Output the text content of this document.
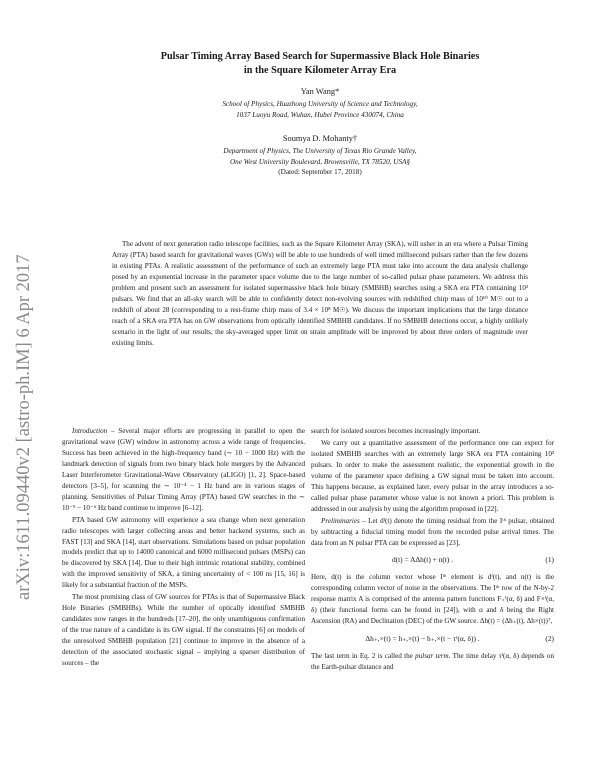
arXiv:1611.09440v2 [astro-ph.IM] 6 Apr 2017
Pulsar Timing Array Based Search for Supermassive Black Hole Binaries
in the Square Kilometer Array Era
Yan Wang*
School of Physics, Huazhong University of Science and Technology,
1037 Luoyu Road, Wuhan, Hubei Province 430074, China
Soumya D. Mohanty†
Department of Physics, The University of Texas Rio Grande Valley,
One West University Boulevard, Brownsville, TX 78520, USA§
(Dated: September 17, 2018)

The advent of next generation radio telescope facilities, such as the Square Kilometer Array (SKA), will usher in an era where a Pulsar Timing Array (PTA) based search for gravitational waves (GWs) will be able to use hundreds of well timed millisecond pulsars rather than the few dozens in existing PTAs. A realistic assessment of the performance of such an extremely large PTA must take into account the data analysis challenge posed by an exponential increase in the parameter space volume due to the large number of so-called pulsar phase parameters. We address this problem and present such an assessment for isolated supermassive black hole binary (SMBHB) searches using a SKA era PTA containing 10³ pulsars. We find that an all-sky search will be able to confidently detect non-evolving sources with redshifted chirp mass of 10¹⁰ M☉ out to a redshift of about 28 (corresponding to a rest-frame chirp mass of 3.4 × 10⁸ M☉). We discuss the important implications that the large distance reach of a SKA era PTA has on GW observations from optically identified SMBHB candidates. If no SMBHB detections occur, a highly unlikely scenario in the light of our results, the sky-averaged upper limit on strain amplitude will be improved by about three orders of magnitude over existing limits.

Introduction – Several major efforts are progressing in parallel to open the gravitational wave (GW) window in astronomy across a wide range of frequencies. Success has been achieved in the high-frequency band (∼ 10 − 1000 Hz) with the landmark detection of signals from two binary black hole mergers by the Advanced Laser Interferometer Gravitational-Wave Observatory (aLIGO) [1, 2]. Space-based detectors [3–5], for scanning the ∼ 10⁻⁴ − 1 Hz band are in various stages of planning. Sensitivities of Pulsar Timing Array (PTA) based GW searches in the ∼ 10⁻⁹ − 10⁻⁶ Hz band continue to improve [6–12].

PTA based GW astronomy will experience a sea change when next generation radio telescopes with larger collecting areas and better backend systems, such as FAST [13] and SKA [14], start observations. Simulations based on pulsar population models predict that up to 14000 canonical and 6000 millisecond pulsars (MSPs) can be discovered by SKA [14]. Due to their high intrinsic rotational stability, combined with the improved sensitivity of SKA, a timing uncertainty of < 100 ns [15, 16] is likely for a substantial fraction of the MSPs.

The most promising class of GW sources for PTAs is that of Supermassive Black Hole Binaries (SMBHBs). While the number of optically identified SMBHB candidates now ranges in the hundreds [17–20], the only unambiguous confirmation of the true nature of a candidate is its GW signal. If the constraints [6] on models of the unresolved SMBHB population [21] continue to improve in the absence of a detection of the associated stochastic signal – implying a sparser distribution of sources – the

search for isolated sources becomes increasingly important.

We carry out a quantitative assessment of the performance one can expect for isolated SMBHB searches with an extremely large SKA era PTA containing 10³ pulsars. In order to make the assessment realistic, the exponential growth in the volume of the parameter space defining a GW signal must be taken into account. This happens because, as explained later, every pulsar in the array introduces a so-called pulsar phase parameter whose value is not known a priori. This problem is addressed in our analysis by using the algorithm proposed in [22].

Preliminaries – Let dᴵ(t) denote the timing residual from the Iᵗʰ pulsar, obtained by subtracting a fiducial timing model from the recorded pulse arrival times. The data from an N pulsar PTA can be expressed as [23],

d(t) = AΔh(t) + n(t) .	(1)

Here, d(t) is the column vector whose Iᵗʰ element is dᴵ(t), and n(t) is the corresponding column vector of noise in the observations. The Iᵗʰ row of the N-by-2 response matrix A is comprised of the antenna pattern functions F₊ᴵ(α, δ) and F×ᴵ(α, δ) (their functional forms can be found in [24]), with α and δ being the Right Ascension (RA) and Declination (DEC) of the GW source. Δh(t) = (Δh₊(t), Δh×(t))ᵀ,

Δh₊,×(t) = h₊,×(t) − h₊,×(t − τᴵ(α, δ)) .	(2)

The last term in Eq. 2 is called the pulsar term. The time delay τᴵ(α, δ) depends on the Earth-pulsar distance and
